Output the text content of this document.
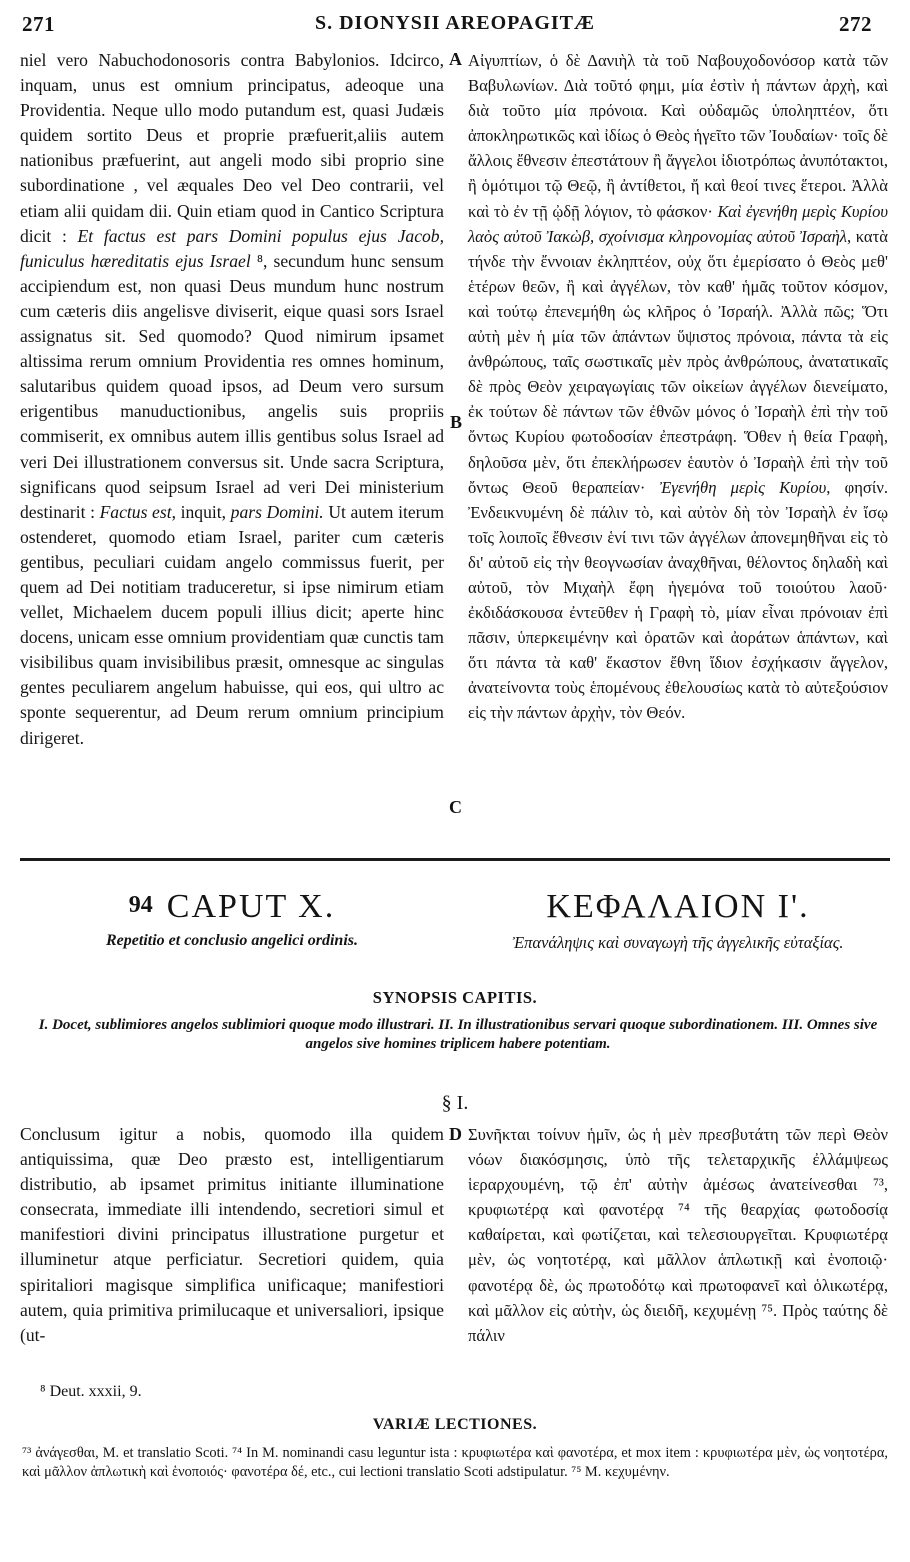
271	S. DIONYSII AREOPAGITÆ	272

niel vero Nabuchodonosoris contra Babylonios. Idcirco, inquam, unus est omnium principatus, adeoque una Providentia. Neque ullo modo putandum est, quasi Judæis quidem sortito Deus et proprie præfuerit,aliis autem nationibus præfuerint, aut angeli modo sibi proprio sine subordinatione , vel æquales Deo vel Deo contrarii, vel etiam alii quidam dii. Quin etiam quod in Cantico Scriptura dicit : Et factus est pars Domini populus ejus Jacob, funiculus hæreditatis ejus Israel ⁸, secundum hunc sensum accipiendum est, non quasi Deus mundum hunc nostrum cum cæteris diis angelisve diviserit, eique quasi sors Israel assignatus sit. Sed quomodo? Quod nimirum ipsamet altissima rerum omnium Providentia res omnes hominum, salutaribus quidem quoad ipsos, ad Deum vero sursum erigentibus manuductionibus, angelis suis propriis commiserit, ex omnibus autem illis gentibus solus Israel ad veri Dei illustrationem conversus sit. Unde sacra Scriptura, significans quod seipsum Israel ad veri Dei ministerium destinarit : Factus est, inquit, pars Domini. Ut autem iterum ostenderet, quomodo etiam Israel, pariter cum cæteris gentibus, peculiari cuidam angelo commissus fuerit, per quem ad Dei notitiam traduceretur, si ipse nimirum etiam vellet, Michaelem ducem populi illius dicit; aperte hinc docens, unicam esse omnium providentiam quæ cunctis tam visibilibus quam invisibilibus præsit, omnesque ac singulas gentes peculiarem angelum habuisse, qui eos, qui ultro ac sponte sequerentur, ad Deum rerum omnium principium dirigeret.

A
B
C
D

Αἰγυπτίων, ὁ δὲ Δανιὴλ τὰ τοῦ Ναβουχοδονόσορ κατὰ τῶν Βαβυλωνίων. Διὰ τοῦτό φημι, μία ἐστὶν ἡ πάντων ἀρχὴ, καὶ διὰ τοῦτο μία πρόνοια. Καὶ οὐδαμῶς ὑποληπτέον, ὅτι ἀποκληρωτικῶς καὶ ἰδίως ὁ Θεὸς ἡγεῖτο τῶν Ἰουδαίων· τοῖς δὲ ἄλλοις ἔθνεσιν ἐπεστάτουν ἢ ἄγγελοι ἰδιοτρόπως ἀνυπότακτοι, ἢ ὁμότιμοι τῷ Θεῷ, ἢ ἀντίθετοι, ἤ καὶ θεοί τινες ἕτεροι. Ἀλλὰ καὶ τὸ ἐν τῇ ᾠδῇ λόγιον, τὸ φάσκον· Καὶ ἐγενήθη μερὶς Κυρίου λαὸς αὐτοῦ Ἰακὼβ, σχοίνισμα κληρονομίας αὐτοῦ Ἰσραὴλ, κατὰ τήνδε τὴν ἔννοιαν ἐκληπτέον, οὐχ ὅτι ἐμερίσατο ὁ Θεὸς μεθ' ἑτέρων θεῶν, ἢ καὶ ἀγγέλων, τὸν καθ' ἡμᾶς τοῦτον κόσμον, καὶ τούτῳ ἐπενεμήθη ὡς κλῆρος ὁ Ἰσραήλ. Ἀλλὰ πῶς; Ὅτι αὐτὴ μὲν ἡ μία τῶν ἁπάντων ὕψιστος πρόνοια, πάντα τὰ εἰς ἀνθρώπους, ταῖς σωστικαῖς μὲν πρὸς ἀνθρώπους, ἀνατατικαῖς δὲ πρὸς Θεὸν χειραγωγίαις τῶν οἰκείων ἀγγέλων διενείματο, ἐκ τούτων δὲ πάντων τῶν ἐθνῶν μόνος ὁ Ἰσραὴλ ἐπὶ τὴν τοῦ ὄντως Κυρίου φωτοδοσίαν ἐπεστράφη. Ὅθεν ἡ θεία Γραφὴ, δηλοῦσα μὲν, ὅτι ἐπεκλήρωσεν ἑαυτὸν ὁ Ἰσραὴλ ἐπὶ τὴν τοῦ ὄντως Θεοῦ θεραπείαν· Ἐγενήθη μερὶς Κυρίου, φησίν. Ἐνδεικνυμένη δὲ πάλιν τὸ, καὶ αὐτὸν δὴ τὸν Ἰσραὴλ ἐν ἴσῳ τοῖς λοιποῖς ἔθνεσιν ἑνί τινι τῶν ἀγγέλων ἀπονεμηθῆναι εἰς τὸ δι' αὐτοῦ εἰς τὴν θεογνωσίαν ἀναχθῆναι, θέλοντος δηλαδὴ καὶ αὐτοῦ, τὸν Μιχαὴλ ἔφη ἡγεμόνα τοῦ τοιούτου λαοῦ· ἐκδιδάσκουσα ἐντεῦθεν ἡ Γραφὴ τὸ, μίαν εἶναι πρόνοιαν ἐπὶ πᾶσιν, ὑπερκειμένην καὶ ὁρατῶν καὶ ἀοράτων ἁπάντων, καὶ ὅτι πάντα τὰ καθ' ἕκαστον ἔθνη ἴδιον ἐσχήκασιν ἄγγελον, ἀνατείνοντα τοὺς ἑπομένους ἐθελουσίως κατὰ τὸ αὐτεξούσιον εἰς τὴν πάντων ἀρχὴν, τὸν Θεόν.

94 CAPUT X.
Repetitio et conclusio angelici ordinis.
ΚΕΦΑΛΑΙΟΝ Ι'.
Ἐπανάληψις καὶ συναγωγὴ τῆς ἀγγελικῆς εὐταξίας.
SYNOPSIS CAPITIS.
I. Docet, sublimiores angelos sublimiori quoque modo illustrari. II. In illustrationibus servari quoque subordinationem. III. Omnes sive angelos sive homines triplicem habere potentiam.
§ I.

Conclusum igitur a nobis, quomodo illa quidem antiquissima, quæ Deo præsto est, intelligentiarum distributio, ab ipsamet primitus initiante illuminatione consecrata, immediate illi intendendo, secretiori simul et manifestiori divini principatus illustratione purgetur et illuminetur atque perficiatur. Secretiori quidem, quia spiritaliori magisque simplifica unificaque; manifestiori autem, quia primitiva primilucaque et universaliori, ipsique (ut-

Συνῆκται τοίνυν ἡμῖν, ὡς ἡ μὲν πρεσβυτάτη τῶν περὶ Θεὸν νόων διακόσμησις, ὑπὸ τῆς τελεταρχικῆς ἐλλάμψεως ἱεραρχουμένη, τῷ ἐπ' αὐτὴν ἀμέσως ἀνατείνεσθαι ⁷³, κρυφιωτέρᾳ καὶ φανοτέρᾳ ⁷⁴ τῆς θεαρχίας φωτοδοσίᾳ καθαίρεται, καὶ φωτίζεται, καὶ τελεσιουργεῖται. Κρυφιωτέρᾳ μὲν, ὡς νοητοτέρᾳ, καὶ μᾶλλον ἁπλωτικῇ καὶ ἑνοποιῷ· φανοτέρᾳ δὲ, ὡς πρωτοδότῳ καὶ πρωτοφανεῖ καὶ ὁλικωτέρᾳ, καὶ μᾶλλον εἰς αὐτὴν, ὡς διειδῆ, κεχυμένῃ ⁷⁵. Πρὸς ταύτης δὲ πάλιν

⁸ Deut. xxxii, 9.
VARIÆ LECTIONES.
⁷³ ἀνάγεσθαι, M. et translatio Scoti. ⁷⁴ In M. nominandi casu leguntur ista : κρυφιωτέρα καὶ φανοτέρα, et mox item : κρυφιωτέρα μὲν, ὡς νοητοτέρα, καὶ μᾶλλον ἁπλωτικὴ καὶ ἑνοποιός· φανοτέρα δέ, etc., cui lectioni translatio Scoti adstipulatur. ⁷⁵ M. κεχυμένην.
